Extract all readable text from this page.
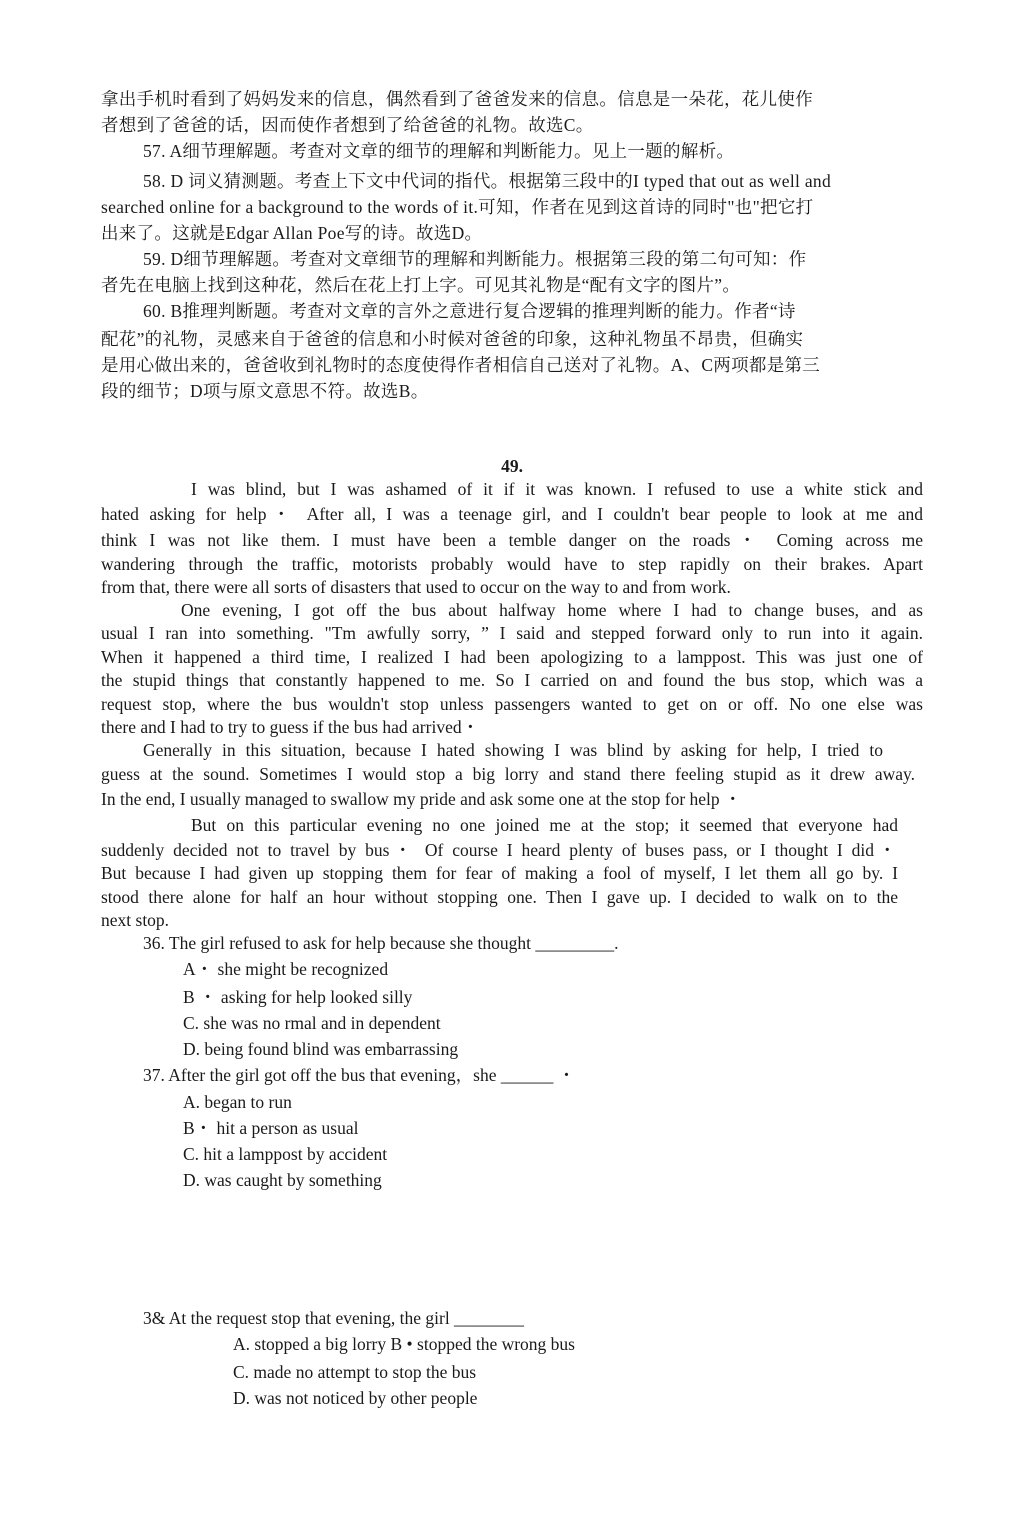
拿出手机时看到了妈妈发来的信息，偶然看到了爸爸发来的信息。信息是一朵花，花儿使作
者想到了爸爸的话，因而使作者想到了给爸爸的礼物。故选C。
57. A细节理解题。考查对文章的细节的理解和判断能力。见上一题的解析。
58. D 词义猜测题。考查上下文中代词的指代。根据第三段中的I typed that out as well and
searched online for a background to the words of it.可知，作者在见到这首诗的同时"也"把它打
出来了。这就是Edgar Allan Poe写的诗。故选D。
59. D细节理解题。考查对文章细节的理解和判断能力。根据第三段的第二句可知：作
者先在电脑上找到这种花，然后在花上打上字。可见其礼物是“配有文字的图片”。
60. B推理判断题。考查对文章的言外之意进行复合逻辑的推理判断的能力。作者“诗
配花”的礼物，灵感来自于爸爸的信息和小时候对爸爸的印象，这种礼物虽不昂贵，但确实
是用心做出来的，爸爸收到礼物时的态度使得作者相信自己送对了礼物。A、C两项都是第三
段的细节；D项与原文意思不符。故选B。
49.
I was blind, but I was ashamed of it if it was known. I refused to use a white stick and
hated asking for help・ After all, I was a teenage girl, and I couldn't bear people to look at me and
think I was not like them. I must have been a temble danger on the roads・ Coming across me
wandering through the traffic, motorists probably would have to step rapidly on their brakes. Apart
from that, there were all sorts of disasters that used to occur on the way to and from work.
One evening, I got off the bus about halfway home where I had to change buses, and as
usual I ran into something. "Tm awfully sorry, ” I said and stepped forward only to run into it again.
When it happened a third time, I realized I had been apologizing to a lamppost. This was just one of
the stupid things that constantly happened to me. So I carried on and found the bus stop, which was a
request stop, where the bus wouldn't stop unless passengers wanted to get on or off. No one else was
there and I had to try to guess if the bus had arrived・
Generally in this situation, because I hated showing I was blind by asking for help, I tried to
guess at the sound. Sometimes I would stop a big lorry and stand there feeling stupid as it drew away.
In the end, I usually managed to swallow my pride and ask some one at the stop for help ・
But on this particular evening no one joined me at the stop; it seemed that everyone had
suddenly decided not to travel by bus・ Of course I heard plenty of buses pass, or I thought I did・
But because I had given up stopping them for fear of making a fool of myself, I let them all go by. I
stood there alone for half an hour without stopping one. Then I gave up. I decided to walk on to the
next stop.
36. The girl refused to ask for help because she thought _________.
A・ she might be recognized
B ・ asking for help looked silly
C. she was no rmal and in dependent
D. being found blind was embarrassing
37. After the girl got off the bus that evening，she ______ ・
A. began to run
B・ hit a person as usual
C. hit a lamppost by accident
D. was caught by something
3& At the request stop that evening, the girl ________
A. stopped a big lorry B • stopped the wrong bus
C. made no attempt to stop the bus
D. was not noticed by other people
